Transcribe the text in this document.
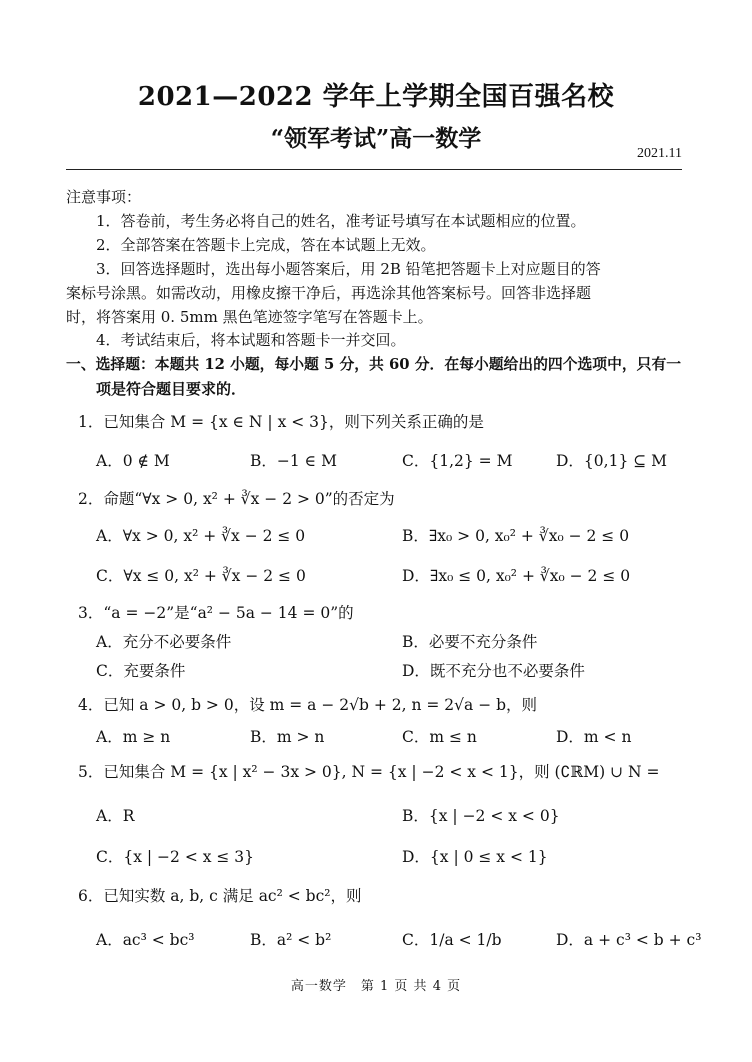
2021—2022 学年上学期全国百强名校
“领军考试”高一数学
2021.11
注意事项：
1．答卷前，考生务必将自己的姓名，准考证号填写在本试题相应的位置。
2．全部答案在答题卡上完成，答在本试题上无效。
3．回答选择题时，选出每小题答案后，用 2B 铅笔把答题卡上对应题目的答
案标号涂黑。如需改动，用橡皮擦干净后，再选涂其他答案标号。回答非选择题
时，将答案用 0. 5mm 黑色笔迹签字笔写在答题卡上。
4．考试结束后，将本试题和答题卡一并交回。
一、选择题：本题共 12 小题，每小题 5 分，共 60 分．在每小题给出的四个选项中，只有一
项是符合题目要求的．
1．已知集合 M = {x ∈ N | x < 3}，则下列关系正确的是
A．0 ∉ M	B．−1 ∈ M	C．{1,2} = M	D．{0,1} ⊆ M
2．命题“∀x > 0, x² + ∛x − 2 > 0”的否定为
A．∀x > 0, x² + ∛x − 2 ≤ 0	B．∃x₀ > 0, x₀² + ∛x₀ − 2 ≤ 0
C．∀x ≤ 0, x² + ∛x − 2 ≤ 0	D．∃x₀ ≤ 0, x₀² + ∛x₀ − 2 ≤ 0
3．“a = −2”是“a² − 5a − 14 = 0”的
A．充分不必要条件	B．必要不充分条件
C．充要条件	D．既不充分也不必要条件
4．已知 a > 0, b > 0，设 m = a − 2√b + 2, n = 2√a − b，则
A．m ≥ n	B．m > n	C．m ≤ n	D．m < n
5．已知集合 M = {x | x² − 3x > 0}, N = {x | −2 < x < 1}，则 (∁ℝM) ∪ N =
A．R	B．{x | −2 < x < 0}
C．{x | −2 < x ≤ 3}	D．{x | 0 ≤ x < 1}
6．已知实数 a, b, c 满足 ac² < bc²，则
A．ac³ < bc³	B．a² < b²	C．1/a < 1/b	D．a + c³ < b + c³
高一数学　第 1 页 共 4 页
